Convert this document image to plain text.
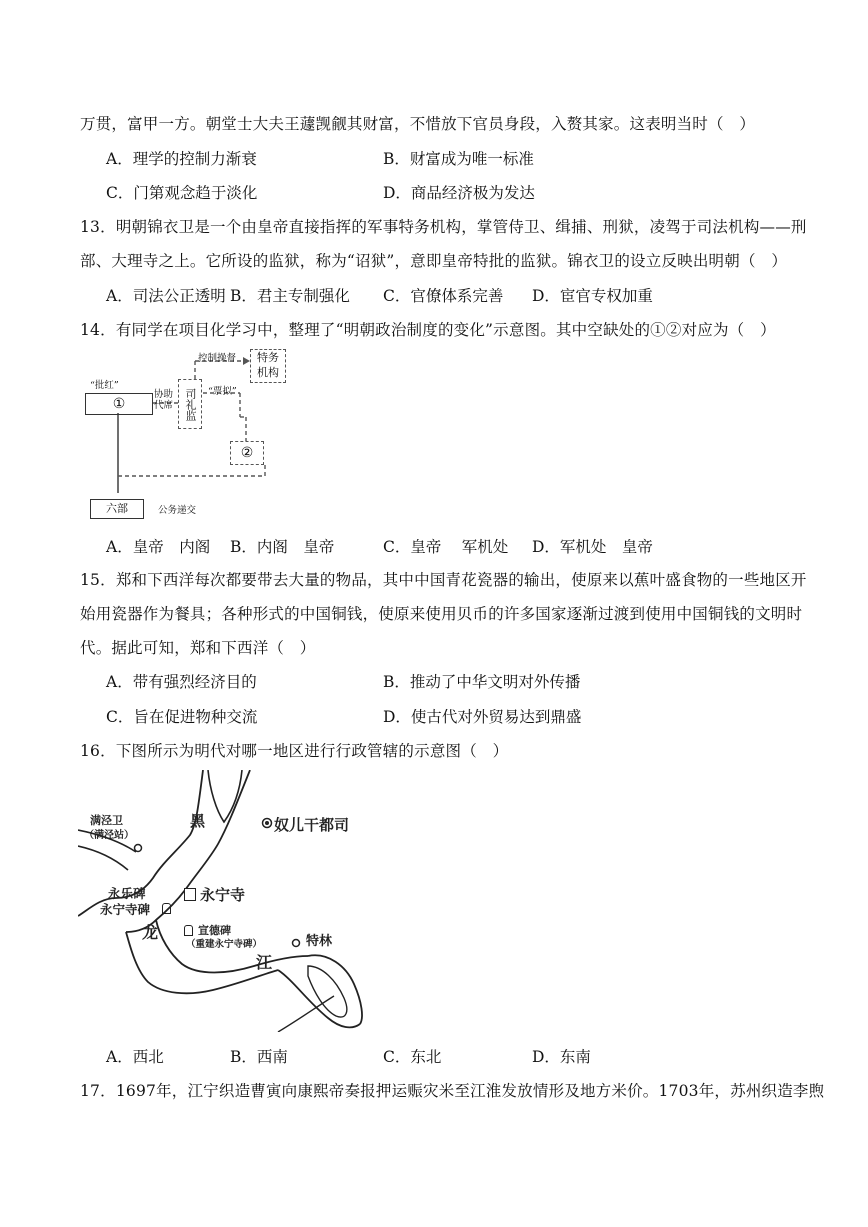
万贯，富甲一方。朝堂士大夫王蘧觊觎其财富，不惜放下官员身段，入赘其家。这表明当时（　）
A．理学的控制力渐衰	B．财富成为唯一标准
C．门第观念趋于淡化	D．商品经济极为发达
13．明朝锦衣卫是一个由皇帝直接指挥的军事特务机构，掌管侍卫、缉捕、刑狱，凌驾于司法机构——刑
部、大理寺之上。它所设的监狱，称为“诏狱”，意即皇帝特批的监狱。锦衣卫的设立反映出明朝（　）
A．司法公正透明 B．君主专制强化 C．官僚体系完善 D．宦官专权加重
14．有同学在项目化学习中，整理了“明朝政治制度的变化”示意图。其中空缺处的①②对应为（　）
“批红”
①
协助
代席 司礼监
控制操督	特务
机构
“票拟”
②
六部	公务递交
A．皇帝　内阁 B．内阁　皇帝	C．皇帝　 军机处 D．军机处　皇帝
15．郑和下西洋每次都要带去大量的物品，其中中国青花瓷器的输出，使原来以蕉叶盛食物的一些地区开
始用瓷器作为餐具；各种形式的中国铜钱，使原来使用贝币的许多国家逐渐过渡到使用中国铜钱的文明时
代。据此可知，郑和下西洋（　）
A．带有强烈经济目的	B．推动了中华文明对外传播
C．旨在促进物种交流	D．使古代对外贸易达到鼎盛
16．下图所示为明代对哪一地区进行行政管辖的示意图（　）
满泾卫
（满泾站）
黑	奴儿干都司
永乐碑
永宁寺碑
永宁寺
宣德碑
（重建永宁寺碑）
龙
江
特林
A．西北	B．西南	C．东北	D．东南
17．1697年，江宁织造曹寅向康熙帝奏报押运赈灾米至江淮发放情形及地方米价。1703年，苏州织造李煦
